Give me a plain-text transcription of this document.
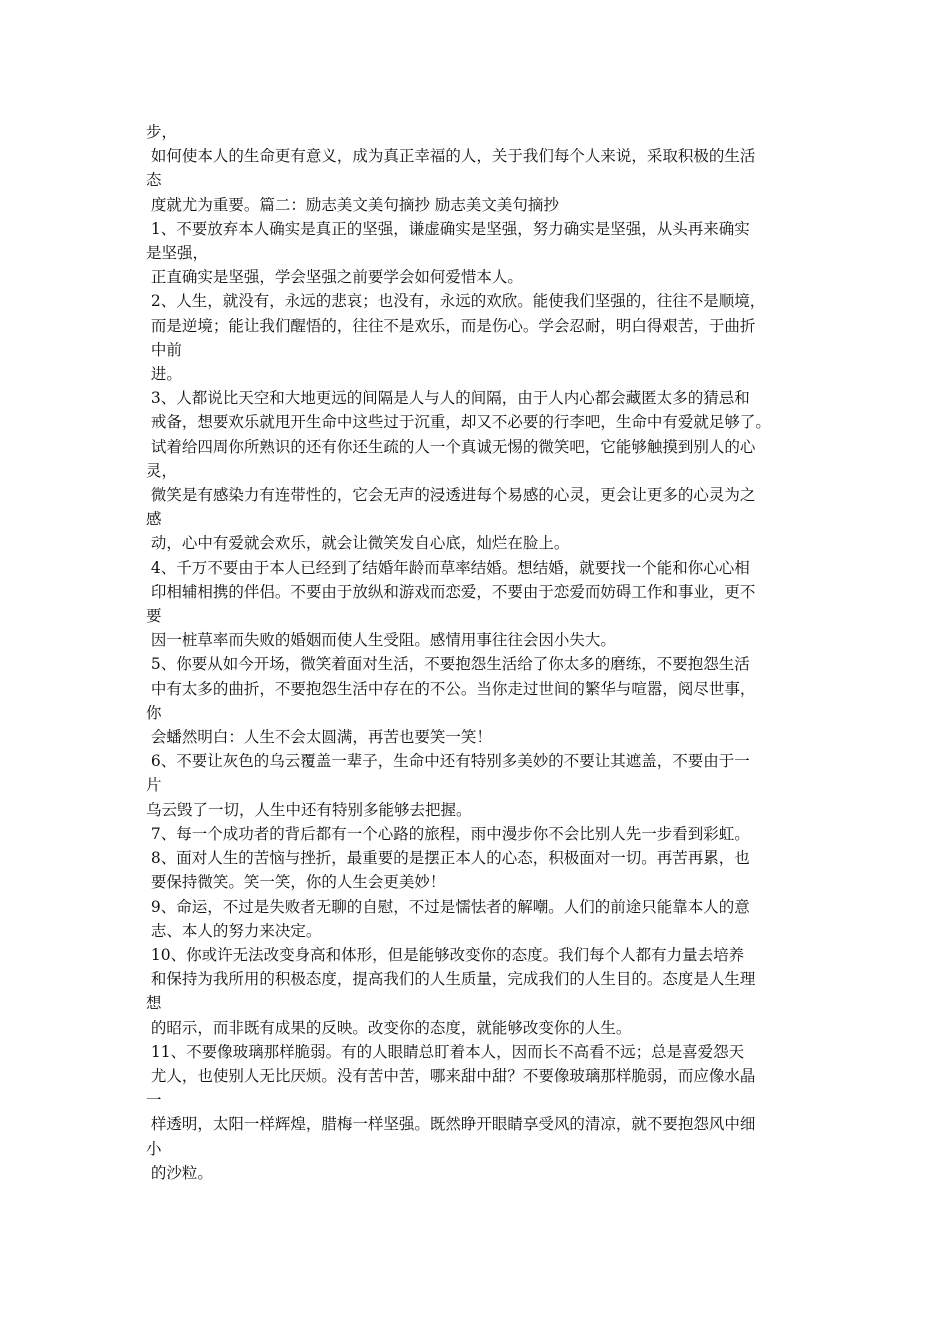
步，

如何使本人的生命更有意义，成为真正幸福的人，关于我们每个人来说，采取积极的生活

态

度就尤为重要。篇二：励志美文美句摘抄 励志美文美句摘抄

1、不要放弃本人确实是真正的坚强，谦虚确实是坚强，努力确实是坚强，从头再来确实

是坚强，

正直确实是坚强，学会坚强之前要学会如何爱惜本人。

2、人生，就没有，永远的悲哀；也没有，永远的欢欣。能使我们坚强的，往往不是顺境，

而是逆境；能让我们醒悟的，往往不是欢乐，而是伤心。学会忍耐，明白得艰苦，于曲折

中前

进。

3、人都说比天空和大地更远的间隔是人与人的间隔，由于人内心都会藏匿太多的猜忌和

戒备，想要欢乐就甩开生命中这些过于沉重，却又不必要的行李吧，生命中有爱就足够了。

试着给四周你所熟识的还有你还生疏的人一个真诚无惕的微笑吧，它能够触摸到别人的心

灵，

微笑是有感染力有连带性的，它会无声的浸透进每个易感的心灵，更会让更多的心灵为之

感

动，心中有爱就会欢乐，就会让微笑发自心底，灿烂在脸上。

4、千万不要由于本人已经到了结婚年龄而草率结婚。想结婚，就要找一个能和你心心相

印相辅相携的伴侣。不要由于放纵和游戏而恋爱，不要由于恋爱而妨碍工作和事业，更不

要

因一桩草率而失败的婚姻而使人生受阻。感情用事往往会因小失大。

5、你要从如今开场，微笑着面对生活，不要抱怨生活给了你太多的磨练，不要抱怨生活

中有太多的曲折，不要抱怨生活中存在的不公。当你走过世间的繁华与喧嚣，阅尽世事，

你

会蟠然明白：人生不会太圆满，再苦也要笑一笑！

6、不要让灰色的乌云覆盖一辈子，生命中还有特别多美妙的不要让其遮盖，不要由于一

片

乌云毁了一切，人生中还有特别多能够去把握。

7、每一个成功者的背后都有一个心路的旅程，雨中漫步你不会比别人先一步看到彩虹。

8、面对人生的苦恼与挫折，最重要的是摆正本人的心态，积极面对一切。再苦再累，也

要保持微笑。笑一笑，你的人生会更美妙！

9、命运，不过是失败者无聊的自慰，不过是懦怯者的解嘲。人们的前途只能靠本人的意

志、本人的努力来决定。

10、你或许无法改变身高和体形，但是能够改变你的态度。我们每个人都有力量去培养

和保持为我所用的积极态度，提高我们的人生质量，完成我们的人生目的。态度是人生理

想

的昭示，而非既有成果的反映。改变你的态度，就能够改变你的人生。

11、不要像玻璃那样脆弱。有的人眼睛总盯着本人，因而长不高看不远；总是喜爱怨天

尤人，也使别人无比厌烦。没有苦中苦，哪来甜中甜？不要像玻璃那样脆弱，而应像水晶

一

样透明，太阳一样辉煌，腊梅一样坚强。既然睁开眼睛享受风的清凉，就不要抱怨风中细

小

的沙粒。
